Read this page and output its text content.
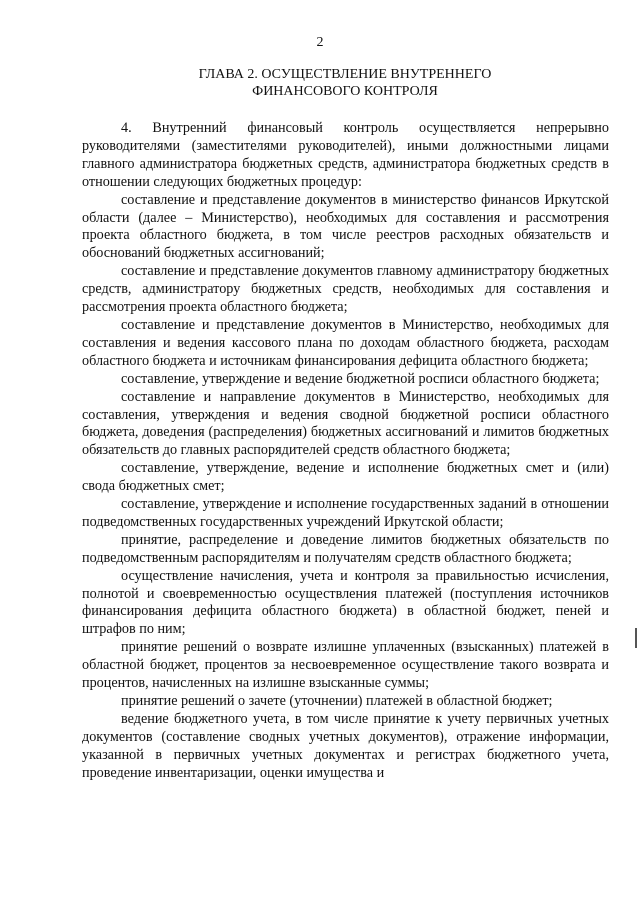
2
ГЛАВА 2. ОСУЩЕСТВЛЕНИЕ ВНУТРЕННЕГО
ФИНАНСОВОГО КОНТРОЛЯ

4. Внутренний финансовый контроль осуществляется непрерывно руководителями (заместителями руководителей), иными должностными лицами главного администратора бюджетных средств, администратора бюджетных средств в отношении следующих бюджетных процедур:

составление и представление документов в министерство финансов Иркутской области (далее – Министерство), необходимых для составления и рассмотрения проекта областного бюджета, в том числе реестров расходных обязательств и обоснований бюджетных ассигнований;

составление и представление документов главному администратору бюджетных средств, администратору бюджетных средств, необходимых для составления и рассмотрения проекта областного бюджета;

составление и представление документов в Министерство, необходимых для составления и ведения кассового плана по доходам областного бюджета, расходам областного бюджета и источникам финансирования дефицита областного бюджета;

составление, утверждение и ведение бюджетной росписи областного бюджета;

составление и направление документов в Министерство, необходимых для составления, утверждения и ведения сводной бюджетной росписи областного бюджета, доведения (распределения) бюджетных ассигнований и лимитов бюджетных обязательств до главных распорядителей средств областного бюджета;

составление, утверждение, ведение и исполнение бюджетных смет и (или) свода бюджетных смет;

составление, утверждение и исполнение государственных заданий в отношении подведомственных государственных учреждений Иркутской области;

принятие, распределение и доведение лимитов бюджетных обязательств по подведомственным распорядителям и получателям средств областного бюджета;

осуществление начисления, учета и контроля за правильностью исчисления, полнотой и своевременностью осуществления платежей (поступления источников финансирования дефицита областного бюджета) в областной бюджет, пеней и штрафов по ним;

принятие решений о возврате излишне уплаченных (взысканных) платежей в областной бюджет, процентов за несвоевременное осуществление такого возврата и процентов, начисленных на излишне взысканные суммы;

принятие решений о зачете (уточнении) платежей в областной бюджет;

ведение бюджетного учета, в том числе принятие к учету первичных учетных документов (составление сводных учетных документов), отражение информации, указанной в первичных учетных документах и регистрах бюджетного учета, проведение инвентаризации, оценки имущества и
